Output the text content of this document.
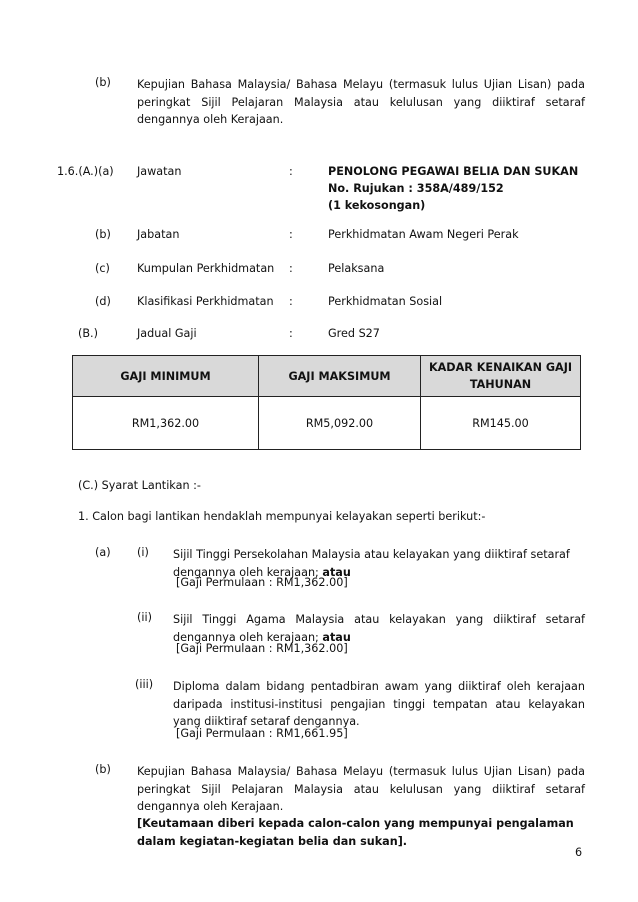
(b) Kepujian Bahasa Malaysia/ Bahasa Melayu (termasuk lulus Ujian Lisan) pada peringkat Sijil Pelajaran Malaysia atau kelulusan yang diiktiraf setaraf dengannya oleh Kerajaan.
1.6.(A.)(a) Jawatan	:	PENOLONG PEGAWAI BELIA DAN SUKAN
No. Rujukan : 358A/489/152
(1 kekosongan)
(b) Jabatan	:	Perkhidmatan Awam Negeri Perak
(c) Kumpulan Perkhidmatan :	Pelaksana
(d) Klasifikasi Perkhidmatan :	Perkhidmatan Sosial
(B.)	Jadual Gaji	:	Gred S27
GAJI MINIMUM	GAJI MAKSIMUM	KADAR KENAIKAN GAJI TAHUNAN
RM1,362.00	RM5,092.00	RM145.00
(C.) Syarat Lantikan :-
1. Calon bagi lantikan hendaklah mempunyai kelayakan seperti berikut:-
(a) (i) Sijil Tinggi Persekolahan Malaysia atau kelayakan yang diiktiraf setaraf dengannya oleh kerajaan; atau
[Gaji Permulaan : RM1,362.00]
(ii) Sijil Tinggi Agama Malaysia atau kelayakan yang diiktiraf setaraf dengannya oleh kerajaan; atau
[Gaji Permulaan : RM1,362.00]
(iii) Diploma dalam bidang pentadbiran awam yang diiktiraf oleh kerajaan daripada institusi-institusi pengajian tinggi tempatan atau kelayakan yang diiktiraf setaraf dengannya.
[Gaji Permulaan : RM1,661.95]
(b) Kepujian Bahasa Malaysia/ Bahasa Melayu (termasuk lulus Ujian Lisan) pada peringkat Sijil Pelajaran Malaysia atau kelulusan yang diiktiraf setaraf dengannya oleh Kerajaan.
[Keutamaan diberi kepada calon-calon yang mempunyai pengalaman dalam kegiatan-kegiatan belia dan sukan].
6
